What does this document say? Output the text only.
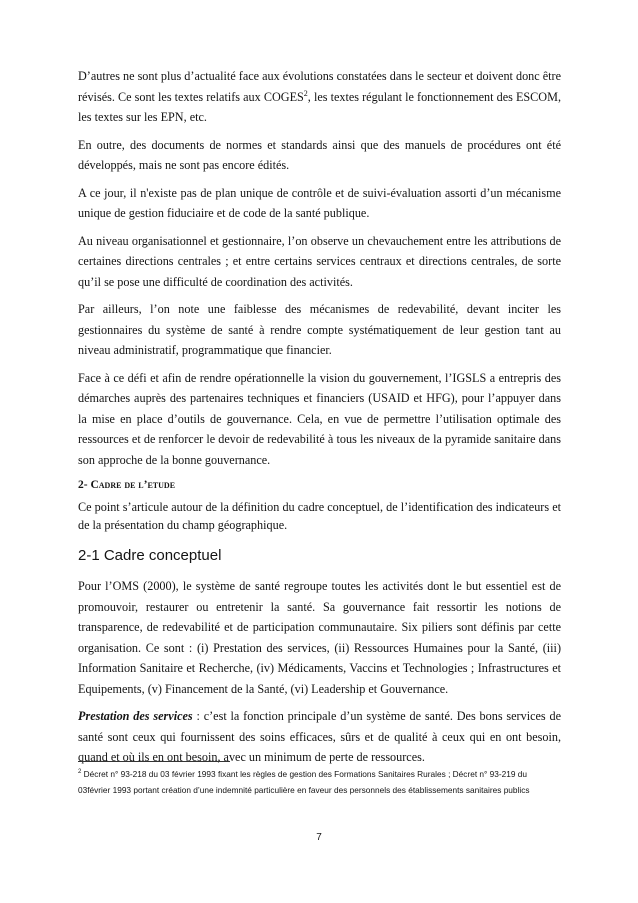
D’autres ne sont plus d’actualité face aux évolutions constatées dans le secteur et doivent donc être révisés. Ce sont les textes relatifs aux COGES$^2$, les textes régulant le fonctionnement des ESCOM, les textes sur les EPN, etc.

En outre, des documents de normes et standards ainsi que des manuels de procédures ont été développés, mais ne sont pas encore édités.

A ce jour, il n'existe pas de plan unique de contrôle et de suivi-évaluation assorti d’un mécanisme unique de gestion fiduciaire et de code de la santé publique.

Au niveau organisationnel et gestionnaire, l’on observe un chevauchement entre les attributions de certaines directions centrales ; et entre certains services centraux et directions centrales, de sorte qu’il se pose une difficulté de coordination des activités.

Par ailleurs, l’on note une faiblesse des mécanismes de redevabilité, devant inciter les gestionnaires du système de santé à rendre compte systématiquement de leur gestion tant au niveau administratif, programmatique que financier.

Face à ce défi et afin de rendre opérationnelle la vision du gouvernement, l’IGSLS a entrepris des démarches auprès des partenaires techniques et financiers (USAID et HFG), pour l’appuyer dans la mise en place d’outils de gouvernance. Cela, en vue de permettre l’utilisation optimale des ressources et de renforcer le devoir de redevabilité à tous les niveaux de la pyramide sanitaire dans son approche de la bonne gouvernance.

2- Cadre de l’etude

Ce point s’articule autour de la définition du cadre conceptuel, de l’identification des indicateurs et de la présentation du champ géographique.

2-1 Cadre conceptuel

Pour l’OMS (2000), le système de santé regroupe toutes les activités dont le but essentiel est de promouvoir, restaurer ou entretenir la santé. Sa gouvernance fait ressortir les notions de transparence, de redevabilité et de participation communautaire. Six piliers sont définis par cette organisation. Ce sont : (i) Prestation des services, (ii) Ressources Humaines pour la Santé, (iii) Information Sanitaire et Recherche, (iv) Médicaments, Vaccins et Technologies ; Infrastructures et Equipements, (v) Financement de la Santé, (vi) Leadership et Gouvernance.

Prestation des services : c’est la fonction principale d’un système de santé. Des bons services de santé sont ceux qui fournissent des soins efficaces, sûrs et de qualité à ceux qui en ont besoin, quand et où ils en ont besoin, avec un minimum de perte de ressources.

$^2$ Décret n° 93-218 du 03 février 1993 fixant les règles de gestion des Formations Sanitaires Rurales ; Décret n° 93-219 du 03février 1993 portant création d’une indemnité particulière en faveur des personnels des établissements sanitaires publics
7
